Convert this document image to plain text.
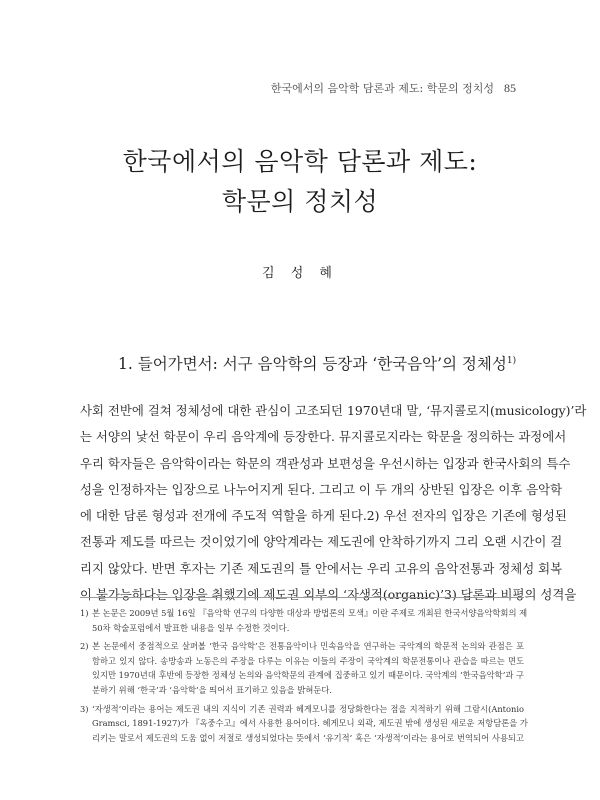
한국에서의 음악학 담론과 제도: 학문의 정치성 85
한국에서의 음악학 담론과 제도:
학문의 정치성
김 성 혜
1. 들어가면서: 서구 음악학의 등장과 ‘한국음악’의 정체성$^{1)}$
사회 전반에 걸쳐 정체성에 대한 관심이 고조되던 1970년대 말, ‘뮤지콜로지(musicology)’라
는 서양의 낯선 학문이 우리 음악계에 등장한다. 뮤지콜로지라는 학문을 정의하는 과정에서
우리 학자들은 음악학이라는 학문의 객관성과 보편성을 우선시하는 입장과 한국사회의 특수
성을 인정하자는 입장으로 나누어지게 된다. 그리고 이 두 개의 상반된 입장은 이후 음악학
에 대한 담론 형성과 전개에 주도적 역할을 하게 된다.2) 우선 전자의 입장은 기존에 형성된
전통과 제도를 따르는 것이었기에 양악계라는 제도권에 안착하기까지 그리 오랜 시간이 걸
리지 않았다. 반면 후자는 기존 제도권의 틀 안에서는 우리 고유의 음악전통과 정체성 회복
이 불가능하다는 입장을 취했기에 제도권 외부의 ‘자생적(organic)’3) 담론과 비평의 성격을
1) 본 논문은 2009년 5월 16일 『음악학 연구의 다양한 대상과 방법론의 모색』이란 주제로 개최된 한국서양음악학회의 제
50차 학술포럼에서 발표한 내용을 일부 수정한 것이다.
2) 본 논문에서 중점적으로 살펴볼 ‘한국 음악학’은 전통음악이나 민속음악을 연구하는 국악계의 학문적 논의와 관점은 포
함하고 있지 않다. 송방송과 노동은의 주장을 다루는 이유는 이들의 주장이 국악계의 학문전통이나 관습을 따르는 면도
있지만 1970년대 후반에 등장한 정체성 논의와 음악학문의 관계에 집중하고 있기 때문이다. 국악계의 ‘한국음악학’과 구
분하기 위해 ‘한국’과 ‘음악학’을 띄어서 표기하고 있음을 밝혀둔다.
3) ‘자생적’이라는 용어는 제도권 내의 지식이 기존 권력과 헤게모니를 정당화한다는 점을 지적하기 위해 그람시(Antonio
Gramsci, 1891-1927)가 『옥중수고』에서 사용한 용어이다. 헤게모니 외곽, 제도권 밖에 생성된 새로운 저항담론을 가
리키는 말로서 제도권의 도움 없이 저절로 생성되었다는 뜻에서 ‘유기적’ 혹은 ‘자생적’이라는 용어로 번역되어 사용되고
